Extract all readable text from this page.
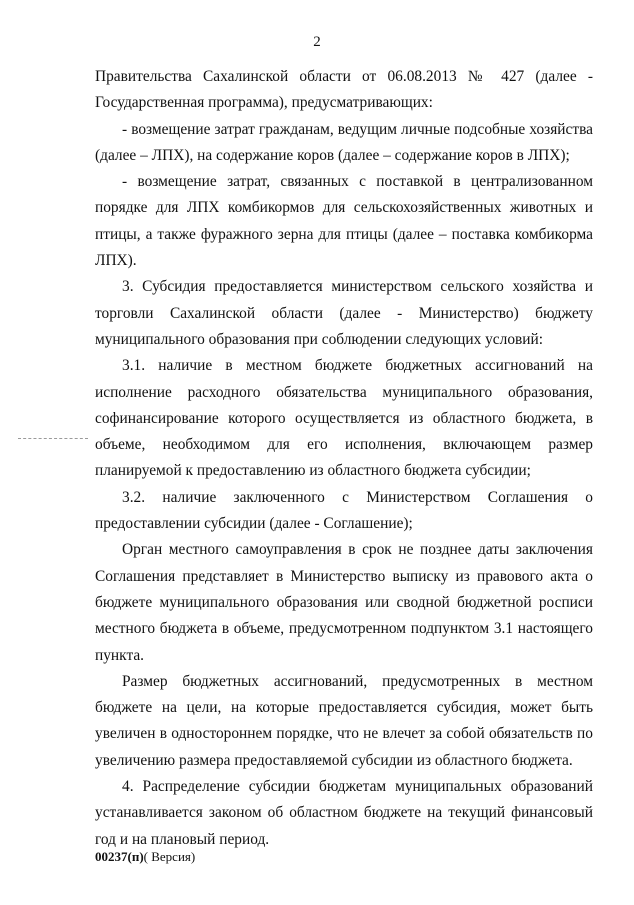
2

Правительства Сахалинской области от 06.08.2013 № 427 (далее - Государственная программа), предусматривающих:

- возмещение затрат гражданам, ведущим личные подсобные хозяйства (далее – ЛПХ), на содержание коров (далее – содержание коров в ЛПХ);

- возмещение затрат, связанных с поставкой в централизованном порядке для ЛПХ комбикормов для сельскохозяйственных животных и птицы, а также фуражного зерна для птицы (далее – поставка комбикорма ЛПХ).

3. Субсидия предоставляется министерством сельского хозяйства и торговли Сахалинской области (далее - Министерство) бюджету муниципального образования при соблюдении следующих условий:

3.1. наличие в местном бюджете бюджетных ассигнований на исполнение расходного обязательства муниципального образования, софинансирование которого осуществляется из областного бюджета, в объеме, необходимом для его исполнения, включающем размер планируемой к предоставлению из областного бюджета субсидии;

3.2. наличие заключенного с Министерством Соглашения о предоставлении субсидии (далее - Соглашение);

Орган местного самоуправления в срок не позднее даты заключения Соглашения представляет в Министерство выписку из правового акта о бюджете муниципального образования или сводной бюджетной росписи местного бюджета в объеме, предусмотренном подпунктом 3.1 настоящего пункта.

Размер бюджетных ассигнований, предусмотренных в местном бюджете на цели, на которые предоставляется субсидия, может быть увеличен в одностороннем порядке, что не влечет за собой обязательств по увеличению размера предоставляемой субсидии из областного бюджета.

4. Распределение субсидии бюджетам муниципальных образований устанавливается законом об областном бюджете на текущий финансовый год и на плановый период.

00237(п)( Версия)
